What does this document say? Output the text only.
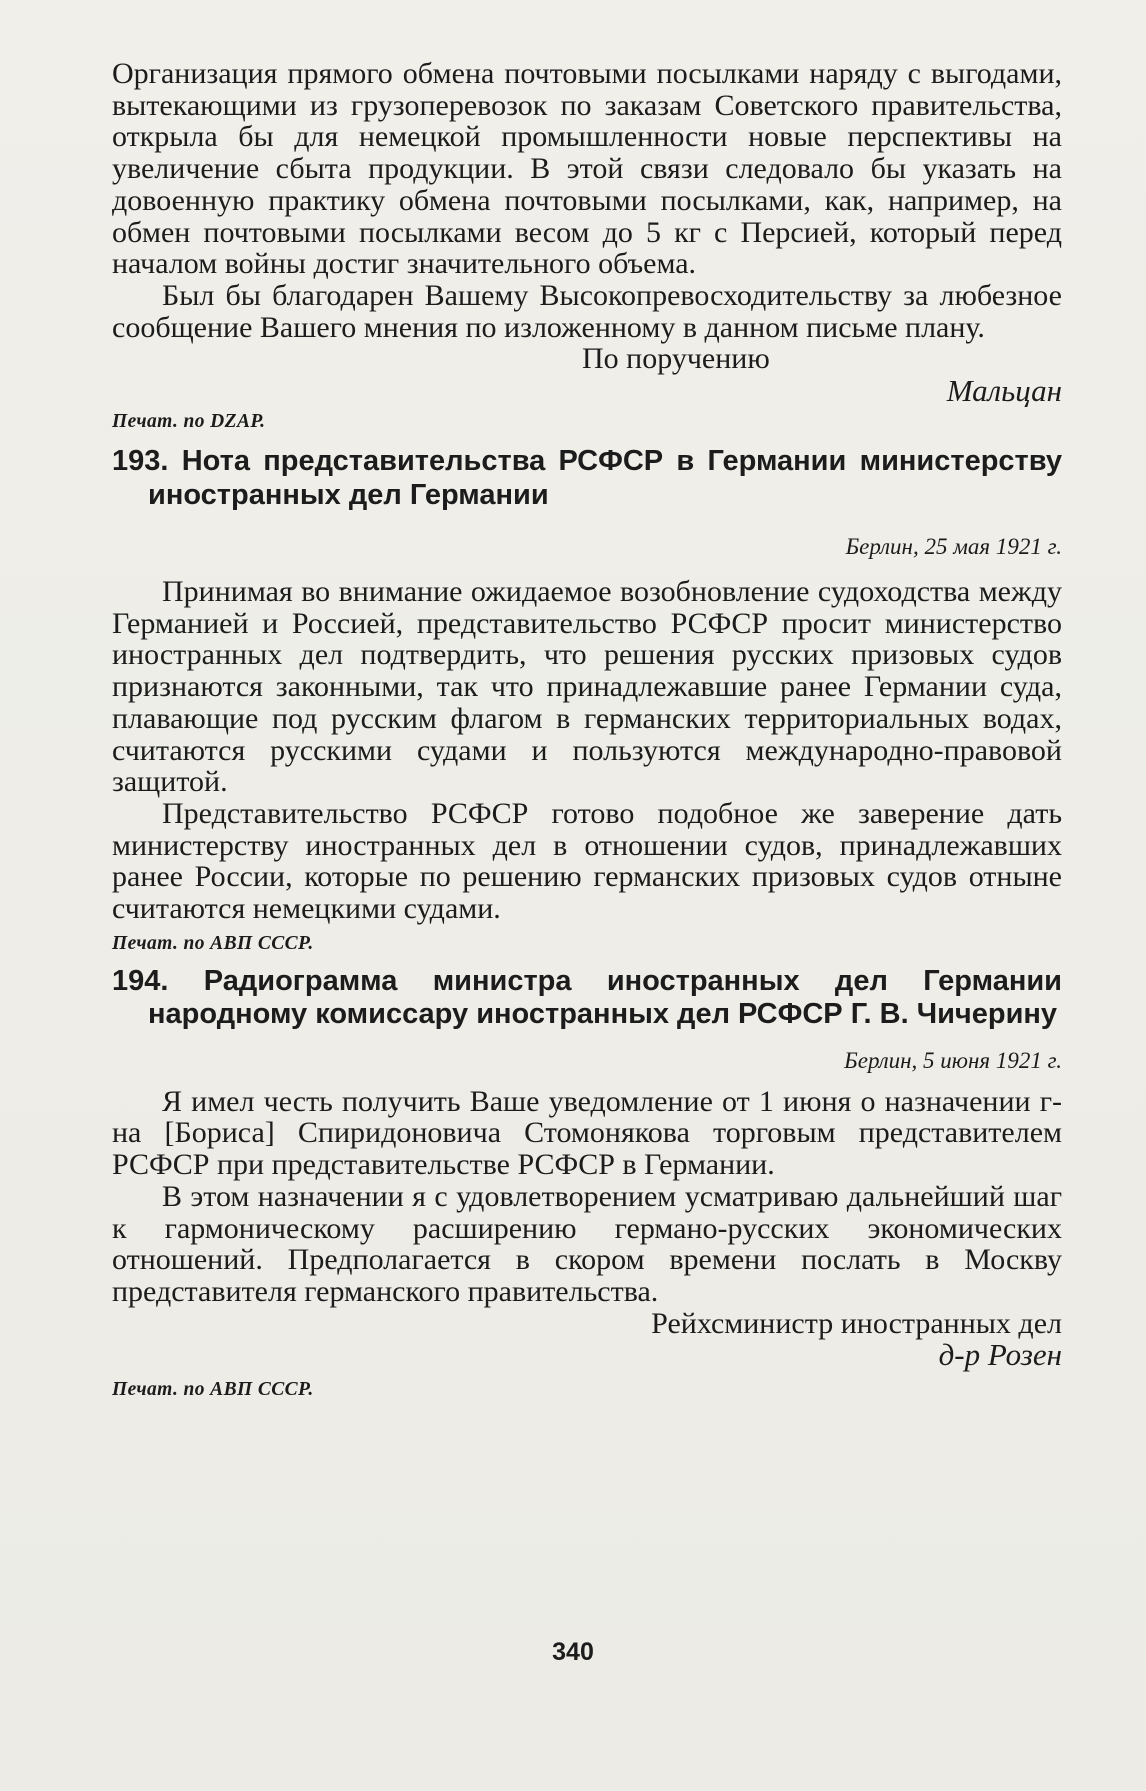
Организация прямого обмена почтовыми посылками наряду с выгодами, вытекающими из грузоперевозок по заказам Советского правительства, открыла бы для немецкой промышленности новые перспективы на увеличение сбыта продукции. В этой связи следовало бы указать на довоенную практику обмена почтовыми посылками, как, например, на обмен почтовыми посылками весом до 5 кг с Персией, который перед началом войны достиг значительного объема.

Был бы благодарен Вашему Высокопревосходительству за любезное сообщение Вашего мнения по изложенному в данном письме плану.

По поручению

Мальцан

Печат. по DZAP.

193. Нота представительства РСФСР в Германии министерству иностранных дел Германии

Берлин, 25 мая 1921 г.

Принимая во внимание ожидаемое возобновление судоходства между Германией и Россией, представительство РСФСР просит министерство иностранных дел подтвердить, что решения русских призовых судов признаются законными, так что принадлежавшие ранее Германии суда, плавающие под русским флагом в германских территориальных водах, считаются русскими судами и пользуются международно-правовой защитой.

Представительство РСФСР готово подобное же заверение дать министерству иностранных дел в отношении судов, принадлежавших ранее России, которые по решению германских призовых судов отныне считаются немецкими судами.

Печат. по АВП СССР.

194. Радиограмма министра иностранных дел Германии народному комиссару иностранных дел РСФСР Г. В. Чичерину

Берлин, 5 июня 1921 г.

Я имел честь получить Ваше уведомление от 1 июня о назначении г-на [Бориса] Спиридоновича Стомонякова торговым представителем РСФСР при представительстве РСФСР в Германии.

В этом назначении я с удовлетворением усматриваю дальнейший шаг к гармоническому расширению германо-русских экономических отношений. Предполагается в скором времени послать в Москву представителя германского правительства.

Рейхсминистр иностранных дел

д-р Розен

Печат. по АВП СССР.

340
